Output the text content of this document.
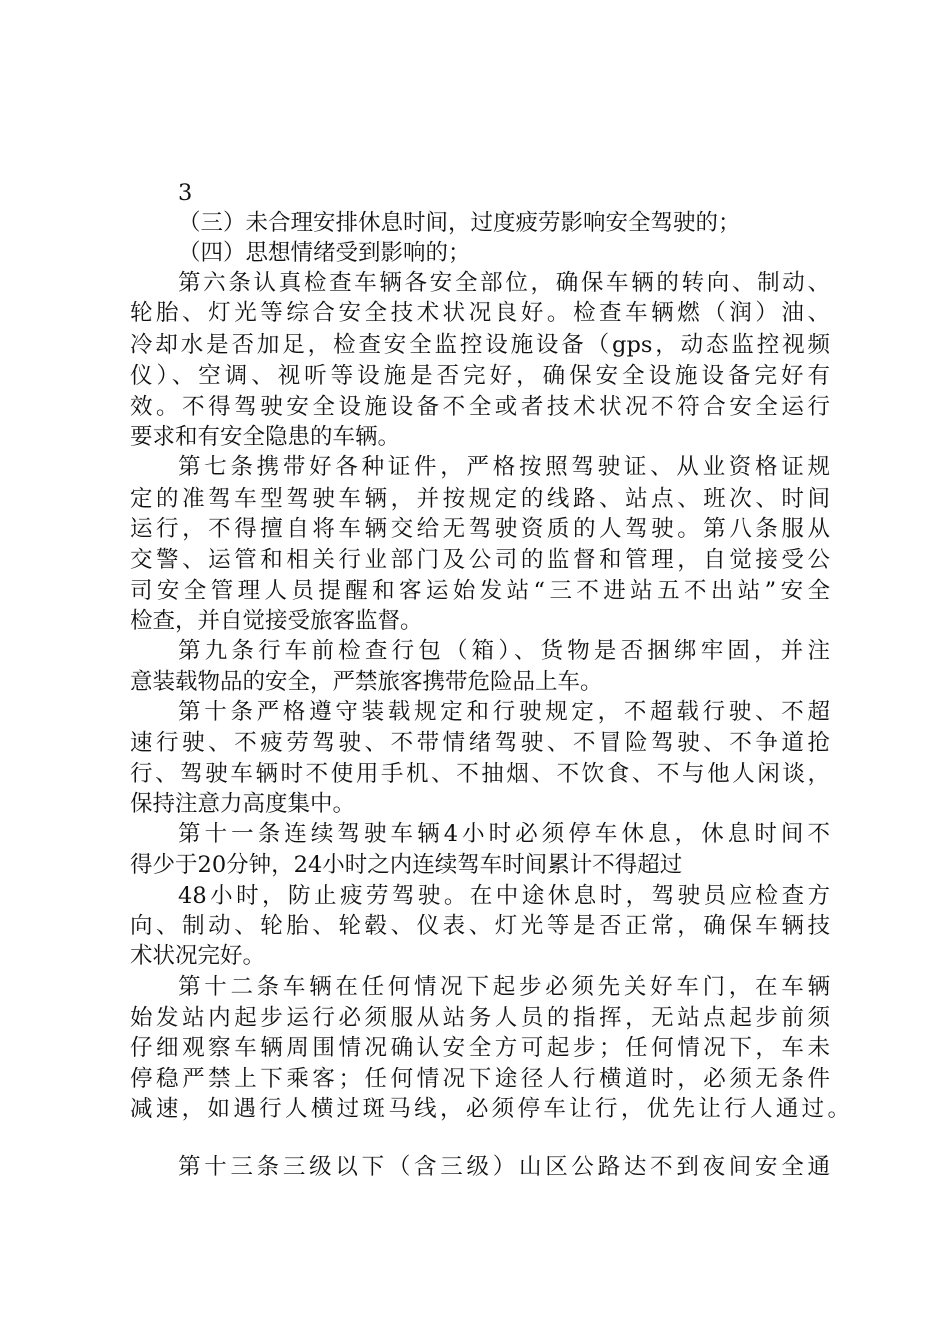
3
（三）未合理安排休息时间，过度疲劳影响安全驾驶的；
（四）思想情绪受到影响的；
第六条认真检查车辆各安全部位，确保车辆的转向、制动、
轮胎、灯光等综合安全技术状况良好。检查车辆燃（润）油、
冷却水是否加足，检查安全监控设施设备（gps，动态监控视频
仪）、空调、视听等设施是否完好，确保安全设施设备完好有
效。不得驾驶安全设施设备不全或者技术状况不符合安全运行
要求和有安全隐患的车辆。
第七条携带好各种证件，严格按照驾驶证、从业资格证规
定的准驾车型驾驶车辆，并按规定的线路、站点、班次、时间
运行，不得擅自将车辆交给无驾驶资质的人驾驶。第八条服从
交警、运管和相关行业部门及公司的监督和管理，自觉接受公
司安全管理人员提醒和客运始发站“三不进站五不出站”安全
检查，并自觉接受旅客监督。
第九条行车前检查行包（箱）、货物是否捆绑牢固，并注
意装载物品的安全，严禁旅客携带危险品上车。
第十条严格遵守装载规定和行驶规定，不超载行驶、不超
速行驶、不疲劳驾驶、不带情绪驾驶、不冒险驾驶、不争道抢
行、驾驶车辆时不使用手机、不抽烟、不饮食、不与他人闲谈，
保持注意力高度集中。
第十一条连续驾驶车辆4小时必须停车休息，休息时间不
得少于20分钟，24小时之内连续驾车时间累计不得超过
48小时，防止疲劳驾驶。在中途休息时，驾驶员应检查方
向、制动、轮胎、轮毂、仪表、灯光等是否正常，确保车辆技
术状况完好。
第十二条车辆在任何情况下起步必须先关好车门，在车辆
始发站内起步运行必须服从站务人员的指挥，无站点起步前须
仔细观察车辆周围情况确认安全方可起步；任何情况下，车未
停稳严禁上下乘客；任何情况下途径人行横道时，必须无条件
减速，如遇行人横过斑马线，必须停车让行，优先让行人通过。
第十三条三级以下（含三级）山区公路达不到夜间安全通
